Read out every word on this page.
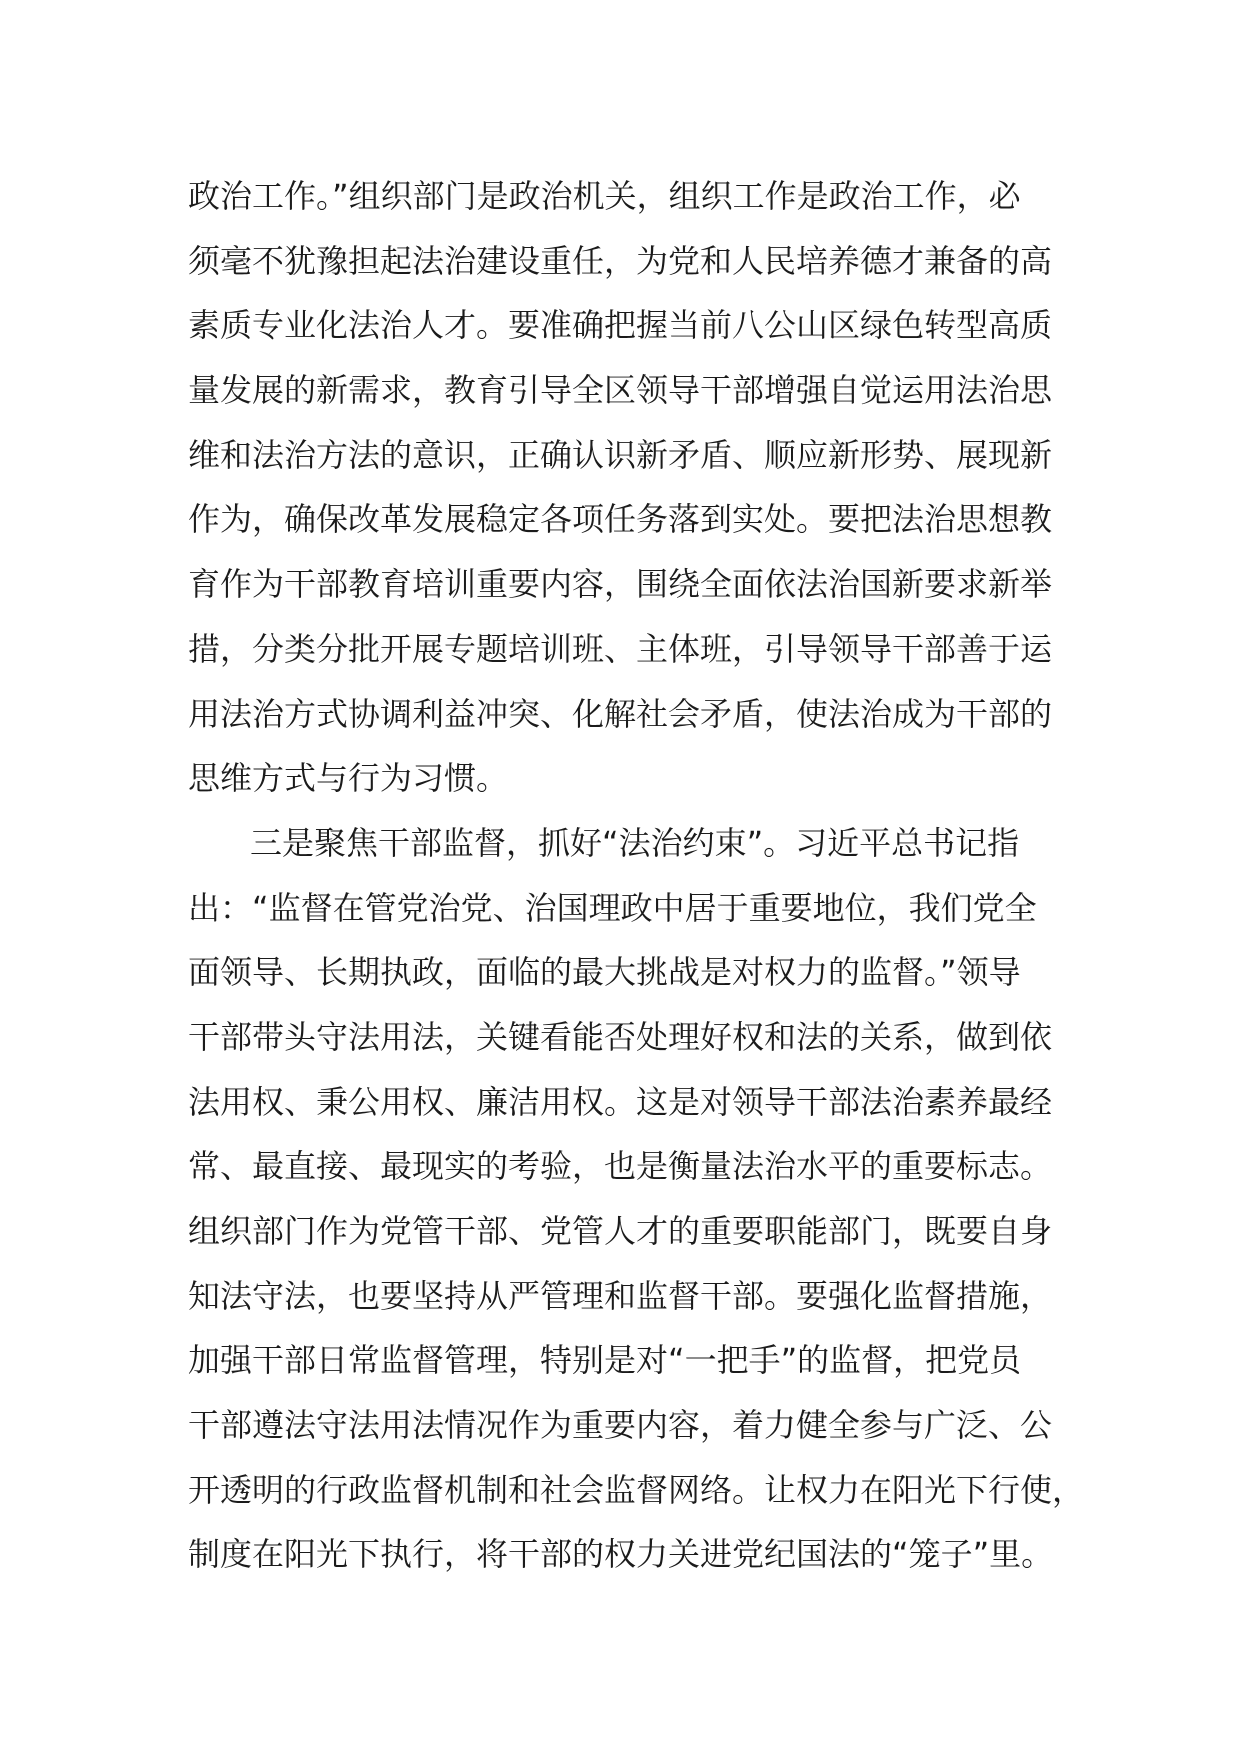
政治工作。”组织部门是政治机关，组织工作是政治工作，必
须毫不犹豫担起法治建设重任，为党和人民培养德才兼备的高
素质专业化法治人才。要准确把握当前八公山区绿色转型高质
量发展的新需求，教育引导全区领导干部增强自觉运用法治思
维和法治方法的意识，正确认识新矛盾、顺应新形势、展现新
作为，确保改革发展稳定各项任务落到实处。要把法治思想教
育作为干部教育培训重要内容，围绕全面依法治国新要求新举
措，分类分批开展专题培训班、主体班，引导领导干部善于运
用法治方式协调利益冲突、化解社会矛盾，使法治成为干部的
思维方式与行为习惯。
三是聚焦干部监督，抓好“法治约束”。习近平总书记指
出：“监督在管党治党、治国理政中居于重要地位，我们党全
面领导、长期执政，面临的最大挑战是对权力的监督。”领导
干部带头守法用法，关键看能否处理好权和法的关系，做到依
法用权、秉公用权、廉洁用权。这是对领导干部法治素养最经
常、最直接、最现实的考验，也是衡量法治水平的重要标志。
组织部门作为党管干部、党管人才的重要职能部门，既要自身
知法守法，也要坚持从严管理和监督干部。要强化监督措施，
加强干部日常监督管理，特别是对“一把手”的监督，把党员
干部遵法守法用法情况作为重要内容，着力健全参与广泛、公
开透明的行政监督机制和社会监督网络。让权力在阳光下行使，
制度在阳光下执行，将干部的权力关进党纪国法的“笼子”里。
